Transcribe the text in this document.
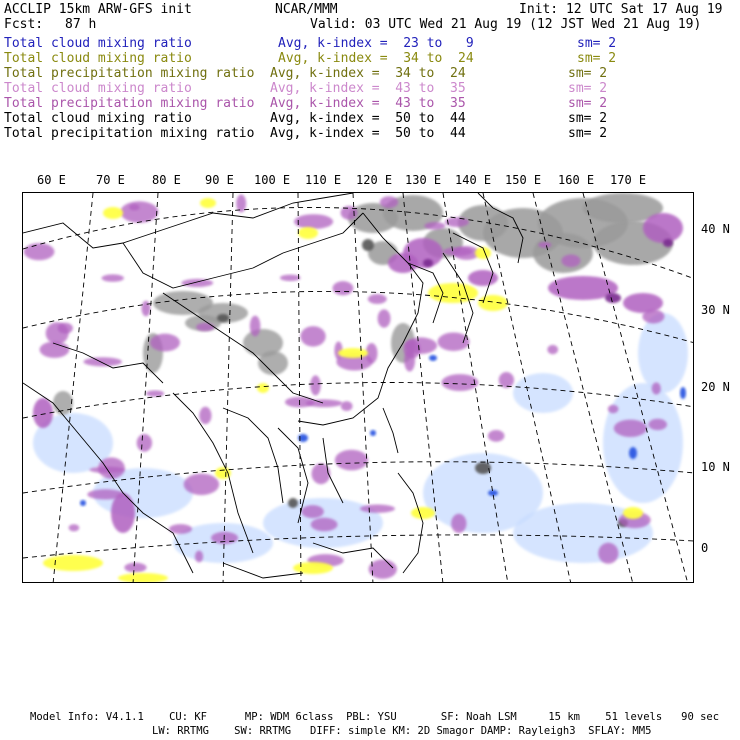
ACCLIP 15km ARW-GFS init	NCAR/MMM	Init: 12 UTC Sat 17 Aug 19
Fcst: 87 h	Valid: 03 UTC Wed 21 Aug 19 (12 JST Wed 21 Aug 19)
Total cloud mixing ratio	Avg, k-index =  23 to   9	sm= 2
Total cloud mixing ratio	Avg, k-index =  34 to  24	sm= 2
Total precipitation mixing ratio Avg, k-index =  34 to  24	sm= 2
Total cloud mixing ratio	Avg, k-index =  43 to  35	sm= 2
Total precipitation mixing ratio Avg, k-index =  43 to  35	sm= 2
Total cloud mixing ratio	Avg, k-index =  50 to  44	sm= 2
Total precipitation mixing ratio Avg, k-index =  50 to  44	sm= 2
60 E	70 E 80 E 90 E 100 E 110 E 120 E 130 E 140 E 150 E 160 E 170 E
40 N
30 N
20 N
10 N
0
Model Info: V4.1.1    CU: KF      MP: WDM 6class  PBL: YSU       SF: Noah LSM     15 km    51 levels   90 sec
LW: RRTMG    SW: RRTMG   DIFF: simple KM: 2D Smagor DAMP: Rayleigh3  SFLAY: MM5
